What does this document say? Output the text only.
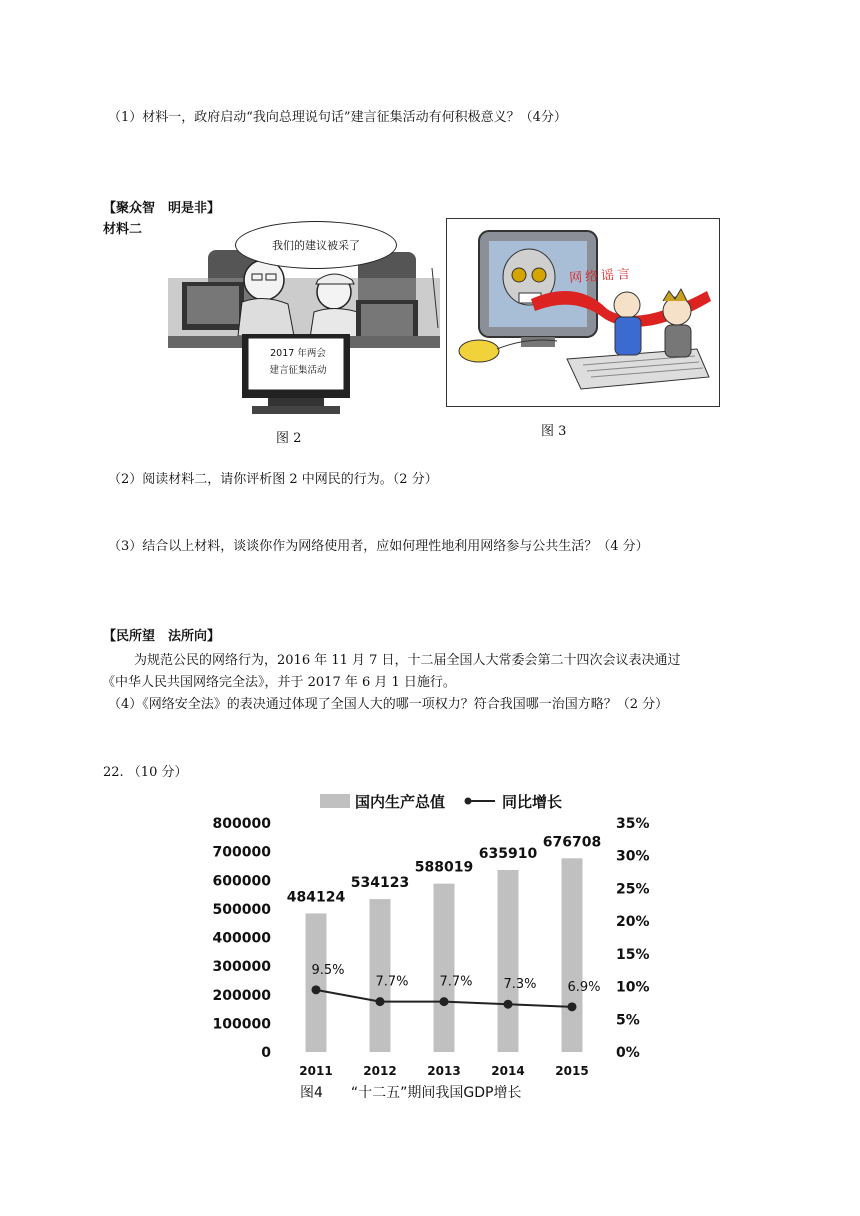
（1）材料一，政府启动“我向总理说句话”建言征集活动有何积极意义？（4分）
【聚众智　明是非】
材料二
2017 年两会
建言征集活动
我们的建议被采了
图 2
网络谣言
图 3
（2）阅读材料二，请你评析图 2 中网民的行为。（2 分）
（3）结合以上材料，谈谈你作为网络使用者，应如何理性地利用网络参与公共生活？（4 分）
【民所望　法所向】
为规范公民的网络行为，2016 年 11 月 7 日，十二届全国人大常委会第二十四次会议表决通过
《中华人民共国网络完全法》，并于 2017 年 6 月 1 日施行。
（4）《网络安全法》的表决通过体现了全国人大的哪一项权力？符合我国哪一治国方略？（2 分）
22. （10 分）
国内生产总值	同比增长
800000
700000
600000
500000
400000
300000
200000
100000
0
35%
30%
25%
20%
15%
10%
5%
0%
484124
534123
588019
635910
676708
9.5%
7.7% 7.7% 7.3% 6.9%
2011	2012	2013	2014	2015
图4　　“十二五”期间我国GDP增长
